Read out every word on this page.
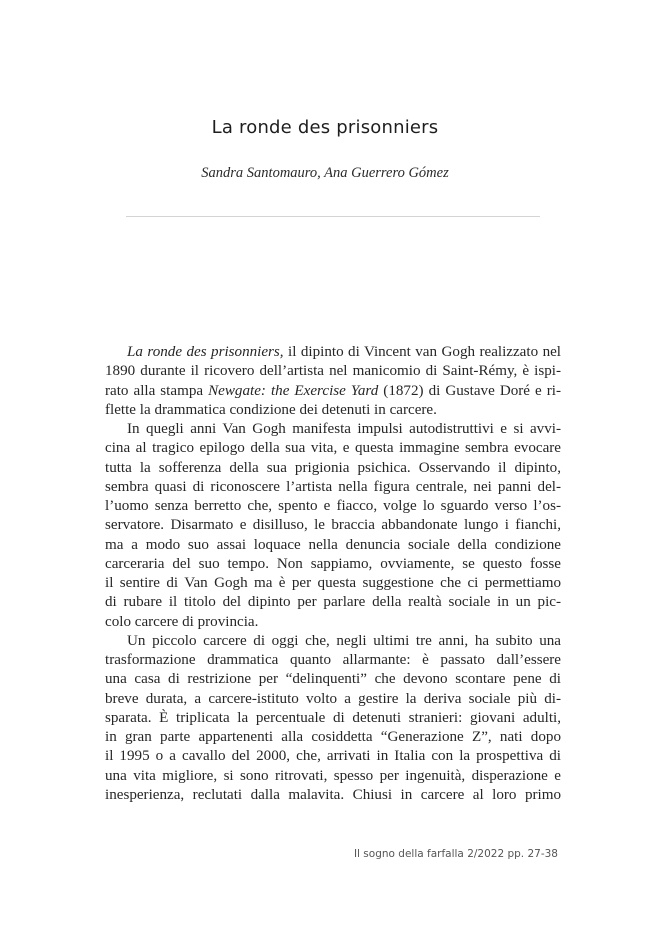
La ronde des prisonniers
Sandra Santomauro, Ana Guerrero Gómez
La ronde des prisonniers, il dipinto di Vincent van Gogh realizzato nel
1890 durante il ricovero dell’artista nel manicomio di Saint-Rémy, è ispi-
rato alla stampa Newgate: the Exercise Yard (1872) di Gustave Doré e ri-
flette la drammatica condizione dei detenuti in carcere.
In quegli anni Van Gogh manifesta impulsi autodistruttivi e si avvi-
cina al tragico epilogo della sua vita, e questa immagine sembra evocare
tutta la sofferenza della sua prigionia psichica. Osservando il dipinto,
sembra quasi di riconoscere l’artista nella figura centrale, nei panni del-
l’uomo senza berretto che, spento e fiacco, volge lo sguardo verso l’os-
servatore. Disarmato e disilluso, le braccia abbandonate lungo i fianchi,
ma a modo suo assai loquace nella denuncia sociale della condizione
carceraria del suo tempo. Non sappiamo, ovviamente, se questo fosse
il sentire di Van Gogh ma è per questa suggestione che ci permettiamo
di rubare il titolo del dipinto per parlare della realtà sociale in un pic-
colo carcere di provincia.
Un piccolo carcere di oggi che, negli ultimi tre anni, ha subito una
trasformazione drammatica quanto allarmante: è passato dall’essere
una casa di restrizione per “delinquenti” che devono scontare pene di
breve durata, a carcere-istituto volto a gestire la deriva sociale più di-
sparata. È triplicata la percentuale di detenuti stranieri: giovani adulti,
in gran parte appartenenti alla cosiddetta “Generazione Z”, nati dopo
il 1995 o a cavallo del 2000, che, arrivati in Italia con la prospettiva di
una vita migliore, si sono ritrovati, spesso per ingenuità, disperazione e
inesperienza, reclutati dalla malavita. Chiusi in carcere al loro primo
Il sogno della farfalla 2/2022 pp. 27-38
